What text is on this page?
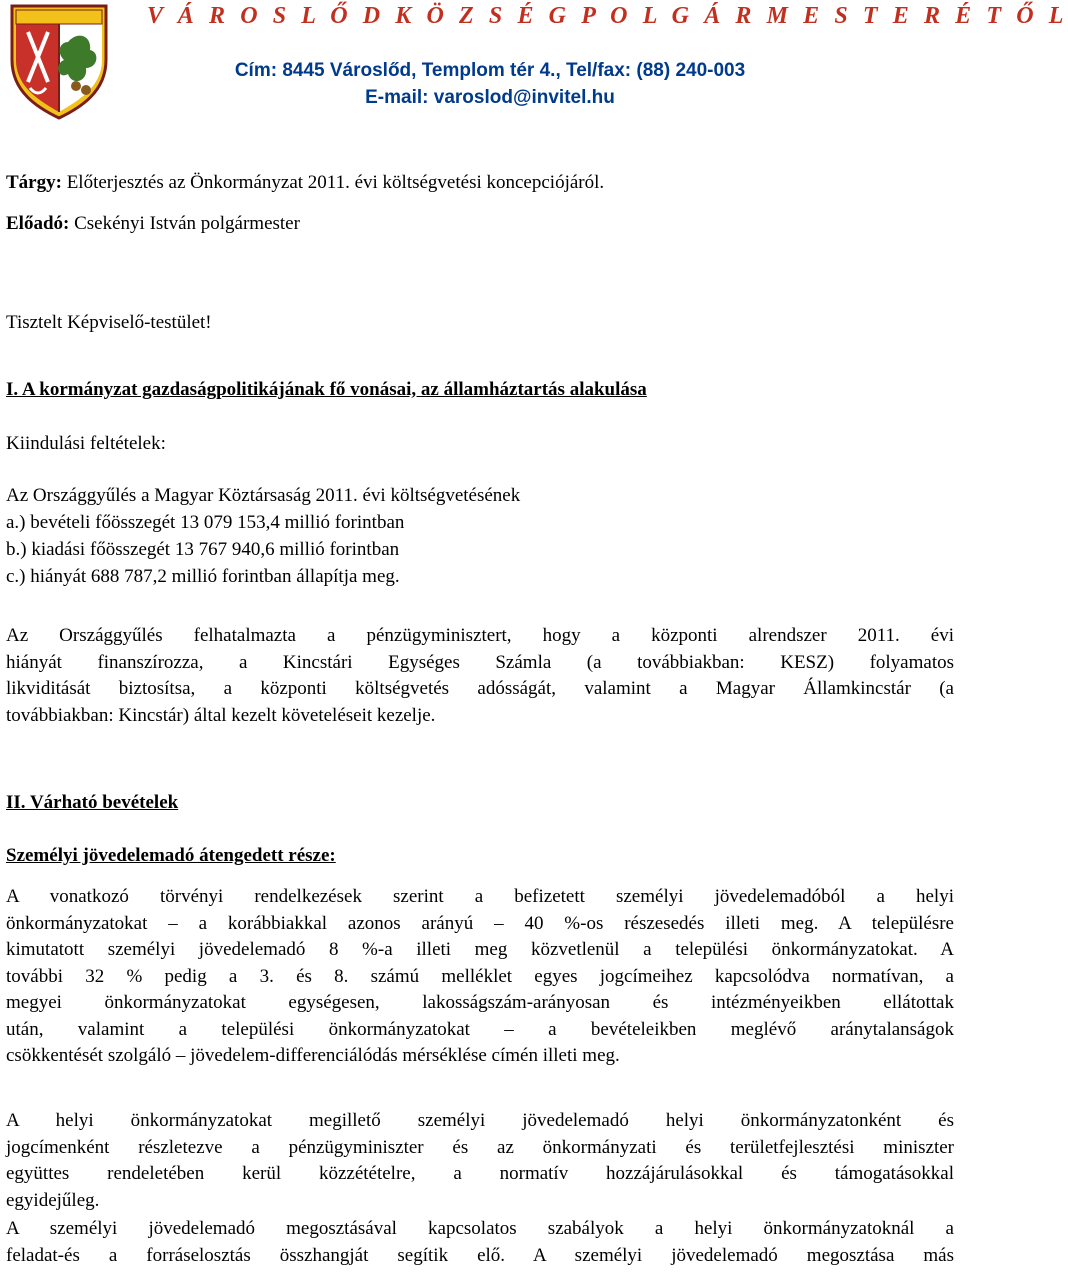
V Á R O S L Ő D K Ö Z S É G P O L G Á R M E S T E R É T Ő L
Cím: 8445 Városlőd, Templom tér 4., Tel/fax: (88) 240-003
E-mail: varoslod@invitel.hu
Tárgy: Előterjesztés az Önkormányzat 2011. évi költségvetési koncepciójáról.
Előadó: Csekényi István polgármester
Tisztelt Képviselő-testület!
I. A kormányzat gazdaságpolitikájának fő vonásai, az államháztartás alakulása
Kiindulási feltételek:
Az Országgyűlés a Magyar Köztársaság 2011. évi költségvetésének
a.) bevételi főösszegét 13 079 153,4 millió forintban
b.) kiadási főösszegét 13 767 940,6 millió forintban
c.) hiányát 688 787,2 millió forintban állapítja meg.
Az Országgyűlés felhatalmazta a pénzügyminisztert, hogy a központi alrendszer 2011. évi
hiányát finanszírozza, a Kincstári Egységes Számla (a továbbiakban: KESZ) folyamatos
likviditását biztosítsa, a központi költségvetés adósságát, valamint a Magyar Államkincstár (a
továbbiakban: Kincstár) által kezelt követeléseit kezelje.
II. Várható bevételek
Személyi jövedelemadó átengedett része:
A vonatkozó törvényi rendelkezések szerint a befizetett személyi jövedelemadóból a helyi
önkormányzatokat – a korábbiakkal azonos arányú – 40 %-os részesedés illeti meg. A településre
kimutatott személyi jövedelemadó 8 %-a illeti meg közvetlenül a települési önkormányzatokat. A
további 32 % pedig a 3. és 8. számú melléklet egyes jogcímeihez kapcsolódva normatívan, a
megyei önkormányzatokat egységesen, lakosságszám-arányosan és intézményeikben ellátottak
után, valamint a települési önkormányzatokat – a bevételeikben meglévő aránytalanságok
csökkentését szolgáló – jövedelem-differenciálódás mérséklése címén illeti meg.
A helyi önkormányzatokat megillető személyi jövedelemadó helyi önkormányzatonként és
jogcímenként részletezve a pénzügyminiszter és az önkormányzati és területfejlesztési miniszter
együttes rendeletében kerül közzétételre, a normatív hozzájárulásokkal és támogatásokkal
egyidejűleg.
A személyi jövedelemadó megosztásával kapcsolatos szabályok a helyi önkormányzatoknál a
feladat-és a forráselosztás összhangját segítik elő. A személyi jövedelemadó megosztása más
